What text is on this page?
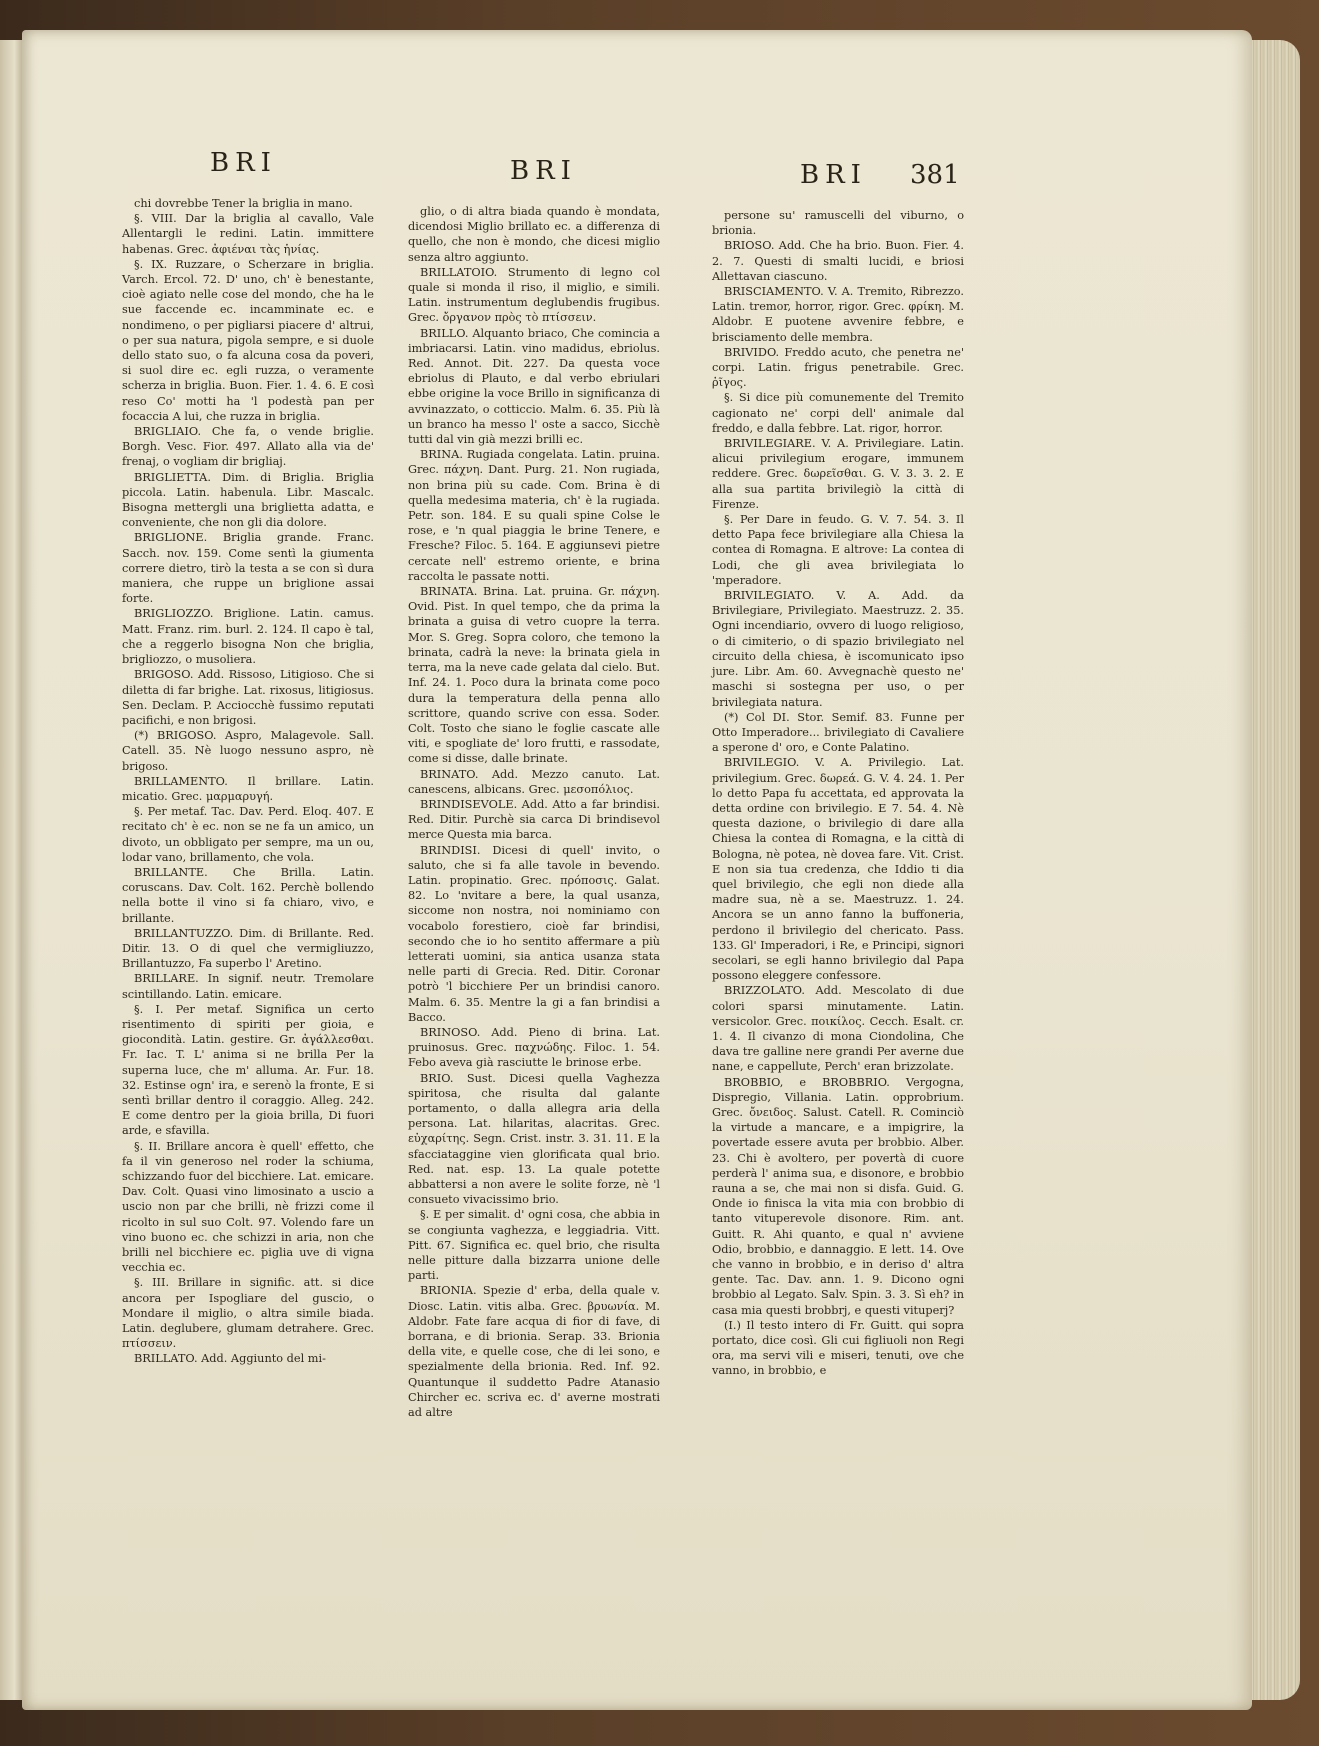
BRI	BRI	BRI 381

chi dovrebbe Tener la briglia in mano.

§. VIII. Dar la briglia al cavallo, Vale Allentargli le redini. Latin. immittere habenas. Grec. ἀφιέναι τὰς ἡνίας.

§. IX. Ruzzare, o Scherzare in briglia. Varch. Ercol. 72. D' uno, ch' è benestante, cioè agiato nelle cose del mondo, che ha le sue faccende ec. incamminate ec. e nondimeno, o per pigliarsi piacere d' altrui, o per sua natura, pigola sempre, e si duole dello stato suo, o fa alcuna cosa da poveri, si suol dire ec. egli ruzza, o veramente scherza in briglia. Buon. Fier. 1. 4. 6. E così reso Co' motti ha 'l podestà pan per focaccia A lui, che ruzza in briglia.

BRIGLIAIO. Che fa, o vende briglie. Borgh. Vesc. Fior. 497. Allato alla via de' frenaj, o vogliam dir brigliaj.

BRIGLIETTA. Dim. di Briglia. Briglia piccola. Latin. habenula. Libr. Mascalc. Bisogna mettergli una briglietta adatta, e conveniente, che non gli dia dolore.

BRIGLIONE. Briglia grande. Franc. Sacch. nov. 159. Come sentì la giumenta correre dietro, tirò la testa a se con sì dura maniera, che ruppe un briglione assai forte.

BRIGLIOZZO. Briglione. Latin. camus. Matt. Franz. rim. burl. 2. 124. Il capo è tal, che a reggerlo bisogna Non che briglia, brigliozzo, o musoliera.

BRIGOSO. Add. Rissoso, Litigioso. Che si diletta di far brighe. Lat. rixosus, litigiosus. Sen. Declam. P. Acciocchè fussimo reputati pacifichi, e non brigosi.

(*) BRIGOSO. Aspro, Malagevole. Sall. Catell. 35. Nè luogo nessuno aspro, nè brigoso.

BRILLAMENTO. Il brillare. Latin. micatio. Grec. μαρμαρυγή.

§. Per metaf. Tac. Dav. Perd. Eloq. 407. E recitato ch' è ec. non se ne fa un amico, un divoto, un obbligato per sempre, ma un ou, lodar vano, brillamento, che vola.

BRILLANTE. Che Brilla. Latin. coruscans. Dav. Colt. 162. Perchè bollendo nella botte il vino si fa chiaro, vivo, e brillante.

BRILLANTUZZO. Dim. di Brillante. Red. Ditir. 13. O di quel che vermigliuzzo, Brillantuzzo, Fa superbo l' Aretino.

BRILLARE. In signif. neutr. Tremolare scintillando. Latin. emicare.

§. I. Per metaf. Significa un certo risentimento di spiriti per gioia, e giocondità. Latin. gestire. Gr. ἀγάλλεσθαι. Fr. Iac. T. L' anima si ne brilla Per la superna luce, che m' alluma. Ar. Fur. 18. 32. Estinse ogn' ira, e serenò la fronte, E si sentì brillar dentro il coraggio. Alleg. 242. E come dentro per la gioia brilla, Di fuori arde, e sfavilla.

§. II. Brillare ancora è quell' effetto, che fa il vin generoso nel roder la schiuma, schizzando fuor del bicchiere. Lat. emicare. Dav. Colt. Quasi vino limosinato a uscio a uscio non par che brilli, nè frizzi come il ricolto in sul suo Colt. 97. Volendo fare un vino buono ec. che schizzi in aria, non che brilli nel bicchiere ec. piglia uve di vigna vecchia ec.

§. III. Brillare in signific. att. si dice ancora per Ispogliare del guscio, o Mondare il miglio, o altra simile biada. Latin. deglubere, glumam detrahere. Grec. πτίσσειν.

BRILLATO. Add. Aggiunto del mi-

glio, o di altra biada quando è mondata, dicendosi Miglio brillato ec. a differenza di quello, che non è mondo, che dicesi miglio senza altro aggiunto.

BRILLATOIO. Strumento di legno col quale si monda il riso, il miglio, e simili. Latin. instrumentum deglubendis frugibus. Grec. ὄργανον πρὸς τὸ πτίσσειν.

BRILLO. Alquanto briaco, Che comincia a imbriacarsi. Latin. vino madidus, ebriolus. Red. Annot. Dit. 227. Da questa voce ebriolus di Plauto, e dal verbo ebriulari ebbe origine la voce Brillo in significanza di avvinazzato, o cotticcio. Malm. 6. 35. Più là un branco ha messo l' oste a sacco, Sicchè tutti dal vin già mezzi brilli ec.

BRINA. Rugiada congelata. Latin. pruina. Grec. πάχνη. Dant. Purg. 21. Non rugiada, non brina più su cade. Com. Brina è di quella medesima materia, ch' è la rugiada. Petr. son. 184. E su quali spine Colse le rose, e 'n qual piaggia le brine Tenere, e Fresche? Filoc. 5. 164. E aggiunsevi pietre cercate nell' estremo oriente, e brina raccolta le passate notti.

BRINATA. Brina. Lat. pruina. Gr. πάχνη. Ovid. Pist. In quel tempo, che da prima la brinata a guisa di vetro cuopre la terra. Mor. S. Greg. Sopra coloro, che temono la brinata, cadrà la neve: la brinata giela in terra, ma la neve cade gelata dal cielo. But. Inf. 24. 1. Poco dura la brinata come poco dura la temperatura della penna allo scrittore, quando scrive con essa. Soder. Colt. Tosto che siano le foglie cascate alle viti, e spogliate de' loro frutti, e rassodate, come si disse, dalle brinate.

BRINATO. Add. Mezzo canuto. Lat. canescens, albicans. Grec. μεσοπόλιος.

BRINDISEVOLE. Add. Atto a far brindisi. Red. Ditir. Purchè sia carca Di brindisevol merce Questa mia barca.

BRINDISI. Dicesi di quell' invito, o saluto, che si fa alle tavole in bevendo. Latin. propinatio. Grec. πρόποσις. Galat. 82. Lo 'nvitare a bere, la qual usanza, siccome non nostra, noi nominiamo con vocabolo forestiero, cioè far brindisi, secondo che io ho sentito affermare a più letterati uomini, sia anticа usanza stata nelle parti di Grecia. Red. Ditir. Coronar potrò 'l bicchiere Per un brindisi canoro. Malm. 6. 35. Mentre la gi a fan brindisi a Bacco.

BRINOSO. Add. Pieno di brina. Lat. pruinosus. Grec. παχνώδης. Filoc. 1. 54. Febo aveva già rasciutte le brinose erbe.

BRIO. Sust. Dicesi quella Vaghezza spiritosa, che risulta dal galante portamento, o dalla allegra aria della persona. Lat. hilaritas, alacritas. Grec. εὐχαρίτης. Segn. Crist. instr. 3. 31. 11. E la sfacciataggine vien glorificata qual brio. Red. nat. esp. 13. La quale potette abbattersi a non avere le solite forze, nè 'l consueto vivacissimo brio.

§. E per simalit. d' ogni cosa, che abbia in se congiunta vaghezza, e leggiadria. Vitt. Pitt. 67. Significa ec. quel brio, che risulta nelle pitture dalla bizzarra unione delle parti.

BRIONIA. Spezie d' erba, della quale v. Diosc. Latin. vitis alba. Grec. βρυωνία. M. Aldobr. Fate fare acqua di fior di fave, di borrana, e di brionia. Serap. 33. Brionia della vite, e quelle cose, che di lei sono, e spezialmente della brionia. Red. Inf. 92. Quantunque il suddetto Padre Atanasio Chircher ec. scriva ec. d' averne mostrati ad altre

persone su' ramuscelli del viburno, o brionia.

BRIOSO. Add. Che ha brio. Buon. Fier. 4. 2. 7. Questi di smalti lucidi, e briosi Allettavan ciascuno.

BRISCIAMENTO. V. A. Tremito, Ribrezzo. Latin. tremor, horror, rigor. Grec. φρίκη. M. Aldobr. E puotene avvenire febbre, e brisciamento delle membra.

BRIVIDO. Freddo acuto, che penetra ne' corpi. Latin. frigus penetrabile. Grec. ῥῖγος.

§. Si dice più comunemente del Tremito cagionato ne' corpi dell' animale dal freddo, e dalla febbre. Lat. rigor, horror.

BRIVILEGIARE. V. A. Privilegiare. Latin. alicui privilegium erogare, immunem reddere. Grec. δωρεῖσθαι. G. V. 3. 3. 2. E alla sua partita brivilegiò la città di Firenze.

§. Per Dare in feudo. G. V. 7. 54. 3. Il detto Papa fece brivilegiare alla Chiesa la contea di Romagna. E altrove: La contea di Lodi, che gli avea brivilegiata lo 'mperadore.

BRIVILEGIATO. V. A. Add. da Brivilegiare, Privilegiato. Maestruzz. 2. 35. Ogni incendiario, ovvero di luogo religioso, o di cimiterio, o di spazio brivilegiato nel circuito della chiesa, è iscomunicato ipso jure. Libr. Am. 60. Avvegnachè questo ne' maschi si sostegna per uso, o per brivilegiata natura.

(*) Col DI. Stor. Semif. 83. Funne per Otto Imperadore... brivilegiato di Cavaliere a sperone d' oro, e Conte Palatino.

BRIVILEGIO. V. A. Privilegio. Lat. privilegium. Grec. δωρεά. G. V. 4. 24. 1. Per lo detto Papa fu accettata, ed approvata la detta ordine con brivilegio. E 7. 54. 4. Nè questa dazione, o brivilegio di dare alla Chiesa la contea di Romagna, e la città di Bologna, nè potea, nè dovea fare. Vit. Crist. E non sia tua credenza, che Iddio ti dia quel brivilegio, che egli non diede alla madre sua, nè a se. Maestruzz. 1. 24. Ancora se un anno fanno la buffoneria, perdono il brivilegio del chericato. Pass. 133. Gl' Imperadori, i Re, e Principi, signori secolari, se egli hanno brivilegio dal Papa possono eleggere confessore.

BRIZZOLATO. Add. Mescolato di due colori sparsi minutamente. Latin. versicolor. Grec. ποικίλος. Cecch. Esalt. cr. 1. 4. Il civanzo di mona Ciondolina, Che dava tre galline nere grandi Per averne due nane, e cappellute, Perch' eran brizzolate.

BROBBIO, e BROBBRIO. Vergogna, Dispregio, Villania. Latin. opprobrium. Grec. ὄνειδος. Salust. Catell. R. Cominciò la virtude a mancare, e a impigrire, la povertade essere avuta per brobbio. Alber. 23. Chi è avoltero, per povertà di cuore perderà l' anima sua, e disonore, e brobbio rauna a se, che mai non si disfa. Guid. G. Onde io finisca la vita mia con brobbio di tanto vituperevole disonore. Rim. ant. Guitt. R. Ahi quanto, e qual n' avviene Odio, brobbio, e dannaggio. E lett. 14. Ove che vanno in brobbio, e in derisо d' altra gente. Tac. Dav. ann. 1. 9. Dicono ogni brobbio al Legato. Salv. Spin. 3. 3. Sì eh? in casa mia questi brobbrj, e questi vituperj?

(I.) Il testo intero di Fr. Guitt. qui sopra portato, dice così. Gli cui figliuoli non Regi ora, ma servi vili e miseri, tenuti, ove che vanno, in brobbio, e
